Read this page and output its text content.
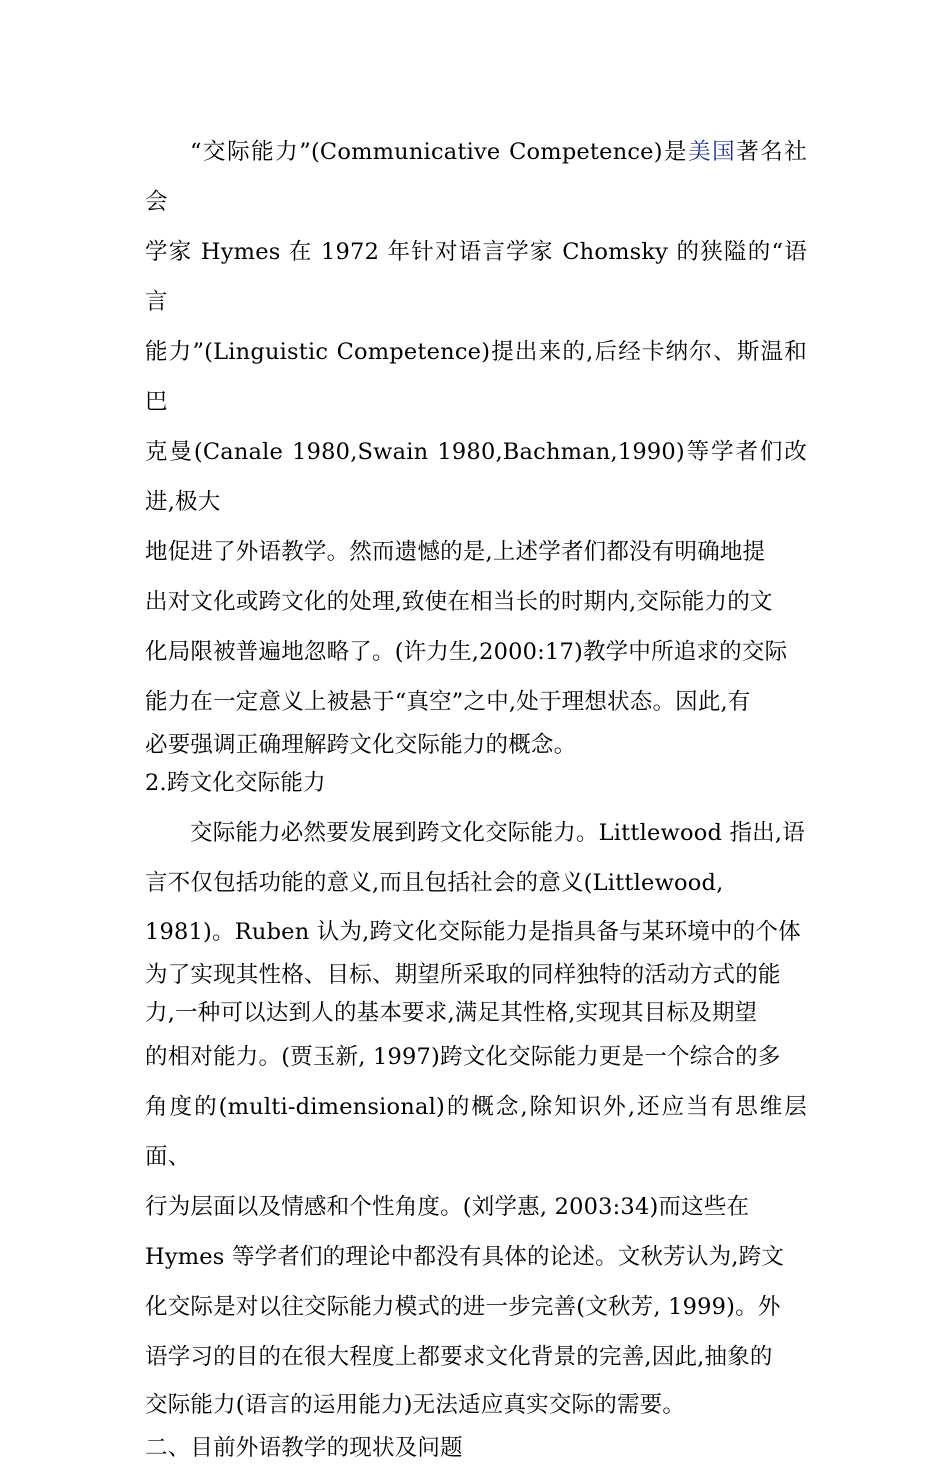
“交际能力”(Communicative Competence)是美国著名社会
学家 Hymes 在 1972 年针对语言学家 Chomsky 的狭隘的“语言
能力”(Linguistic Competence)提出来的,后经卡纳尔、斯温和巴
克曼(Canale 1980,Swain 1980,Bachman,1990)等学者们改进,极大
地促进了外语教学。然而遗憾的是,上述学者们都没有明确地提
出对文化或跨文化的处理,致使在相当长的时期内,交际能力的文
化局限被普遍地忽略了。(许力生,2000:17)教学中所追求的交际
能力在一定意义上被悬于“真空”之中,处于理想状态。因此,有
必要强调正确理解跨文化交际能力的概念。

2.跨文化交际能力

交际能力必然要发展到跨文化交际能力。Littlewood 指出,语
言不仅包括功能的意义,而且包括社会的意义(Littlewood,
1981)。Ruben 认为,跨文化交际能力是指具备与某环境中的个体
为了实现其性格、目标、期望所采取的同样独特的活动方式的能
力,一种可以达到人的基本要求,满足其性格,实现其目标及期望
的相对能力。(贾玉新, 1997)跨文化交际能力更是一个综合的多
角度的(multi-dimensional)的概念,除知识外,还应当有思维层面、
行为层面以及情感和个性角度。(刘学惠, 2003:34)而这些在
Hymes 等学者们的理论中都没有具体的论述。文秋芳认为,跨文
化交际是对以往交际能力模式的进一步完善(文秋芳, 1999)。外
语学习的目的在很大程度上都要求文化背景的完善,因此,抽象的
交际能力(语言的运用能力)无法适应真实交际的需要。

二、目前外语教学的现状及问题
